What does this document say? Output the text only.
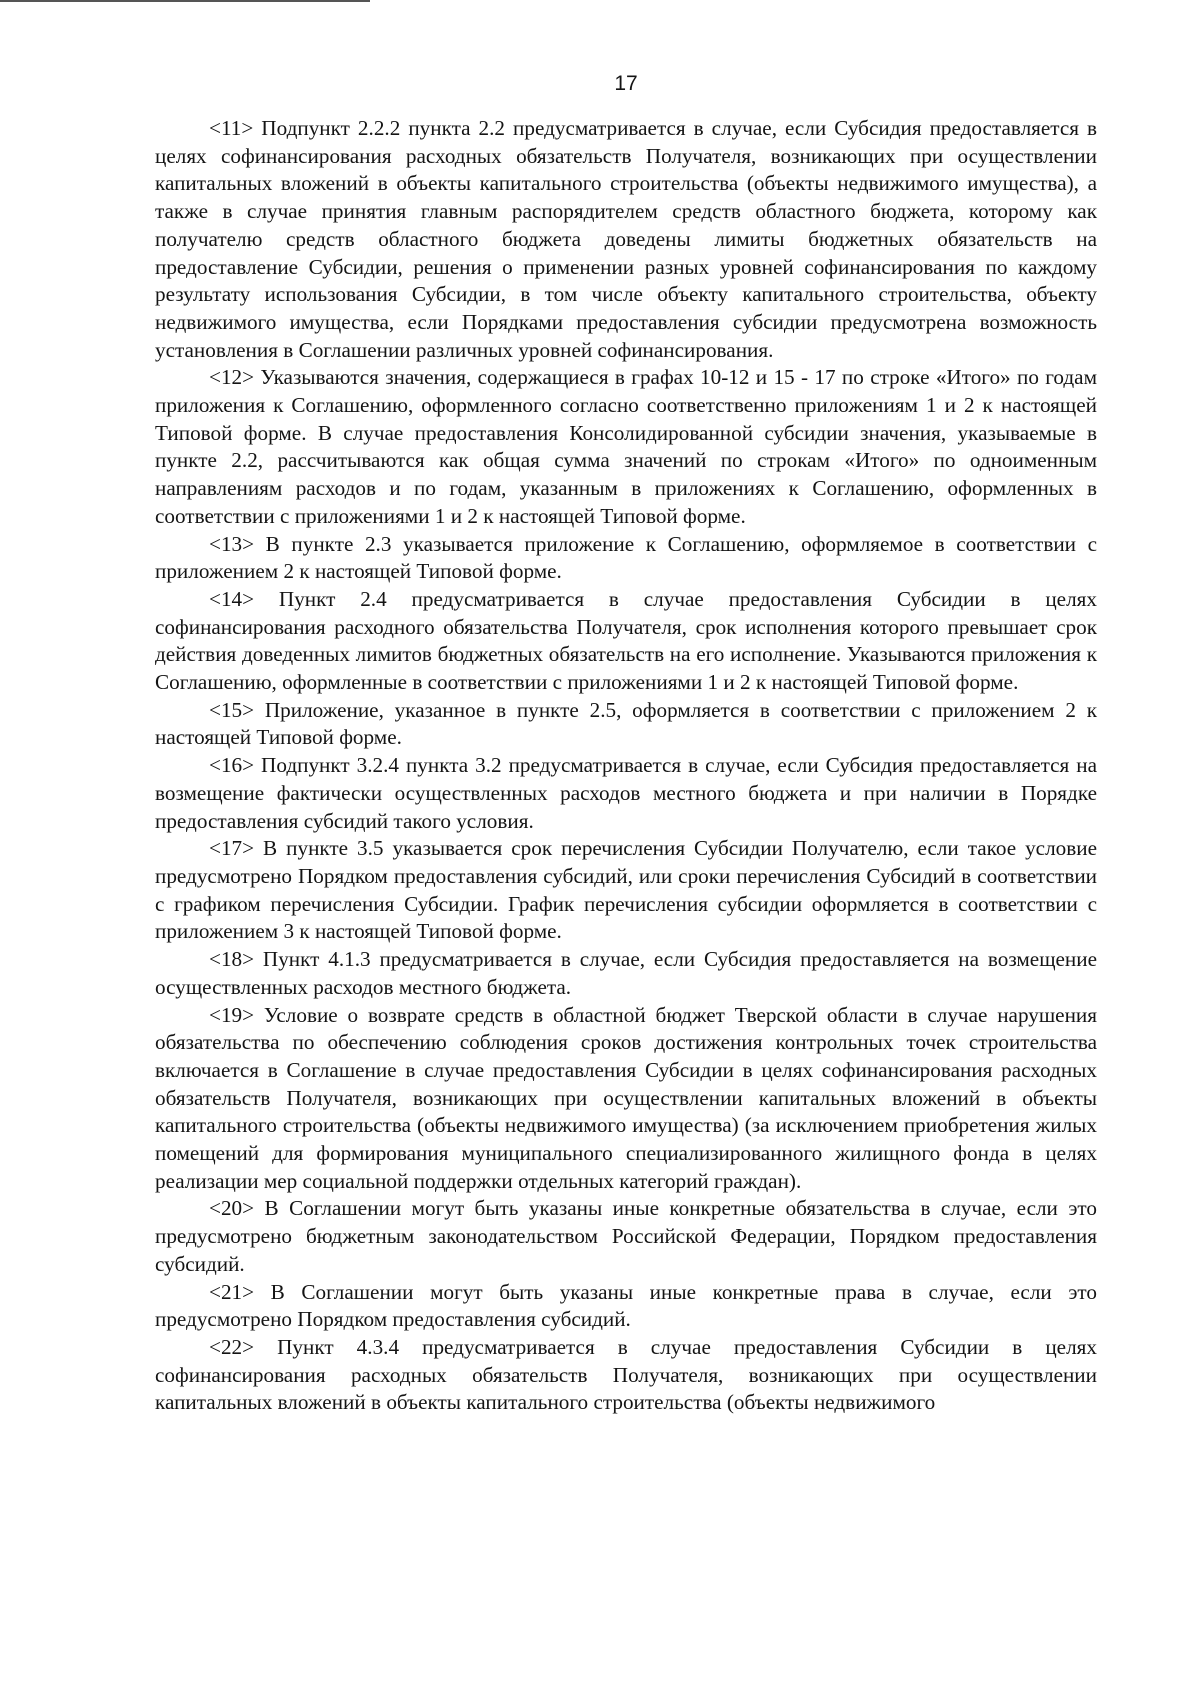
17

<11> Подпункт 2.2.2 пункта 2.2 предусматривается в случае, если Субсидия предоставляется в целях софинансирования расходных обязательств Получателя, возникающих при осуществлении капитальных вложений в объекты капитального строительства (объекты недвижимого имущества), а также в случае принятия главным распорядителем средств областного бюджета, которому как получателю средств областного бюджета доведены лимиты бюджетных обязательств на предоставление Субсидии, решения о применении разных уровней софинансирования по каждому результату использования Субсидии, в том числе объекту капитального строительства, объекту недвижимого имущества, если Порядками предоставления субсидии предусмотрена возможность установления в Соглашении различных уровней софинансирования.

<12> Указываются значения, содержащиеся в графах 10-12 и 15 - 17 по строке «Итого» по годам приложения к Соглашению, оформленного согласно соответственно приложениям 1 и 2 к настоящей Типовой форме. В случае предоставления Консолидированной субсидии значения, указываемые в пункте 2.2, рассчитываются как общая сумма значений по строкам «Итого» по одноименным направлениям расходов и по годам, указанным в приложениях к Соглашению, оформленных в соответствии с приложениями 1 и 2 к настоящей Типовой форме.

<13> В пункте 2.3 указывается приложение к Соглашению, оформляемое в соответствии с приложением 2 к настоящей Типовой форме.

<14> Пункт 2.4 предусматривается в случае предоставления Субсидии в целях софинансирования расходного обязательства Получателя, срок исполнения которого превышает срок действия доведенных лимитов бюджетных обязательств на его исполнение. Указываются приложения к Соглашению, оформленные в соответствии с приложениями 1 и 2 к настоящей Типовой форме.

<15> Приложение, указанное в пункте 2.5, оформляется в соответствии с приложением 2 к настоящей Типовой форме.

<16> Подпункт 3.2.4 пункта 3.2 предусматривается в случае, если Субсидия предоставляется на возмещение фактически осуществленных расходов местного бюджета и при наличии в Порядке предоставления субсидий такого условия.

<17> В пункте 3.5 указывается срок перечисления Субсидии Получателю, если такое условие предусмотрено Порядком предоставления субсидий, или сроки перечисления Субсидий в соответствии с графиком перечисления Субсидии. График перечисления субсидии оформляется в соответствии с приложением 3 к настоящей Типовой форме.

<18> Пункт 4.1.3 предусматривается в случае, если Субсидия предоставляется на возмещение осуществленных расходов местного бюджета.

<19> Условие о возврате средств в областной бюджет Тверской области в случае нарушения обязательства по обеспечению соблюдения сроков достижения контрольных точек строительства включается в Соглашение в случае предоставления Субсидии в целях софинансирования расходных обязательств Получателя, возникающих при осуществлении капитальных вложений в объекты капитального строительства (объекты недвижимого имущества) (за исключением приобретения жилых помещений для формирования муниципального специализированного жилищного фонда в целях реализации мер социальной поддержки отдельных категорий граждан).

<20> В Соглашении могут быть указаны иные конкретные обязательства в случае, если это предусмотрено бюджетным законодательством Российской Федерации, Порядком предоставления субсидий.

<21> В Соглашении могут быть указаны иные конкретные права в случае, если это предусмотрено Порядком предоставления субсидий.

<22> Пункт 4.3.4 предусматривается в случае предоставления Субсидии в целях софинансирования расходных обязательств Получателя, возникающих при осуществлении капитальных вложений в объекты капитального строительства (объекты недвижимого
